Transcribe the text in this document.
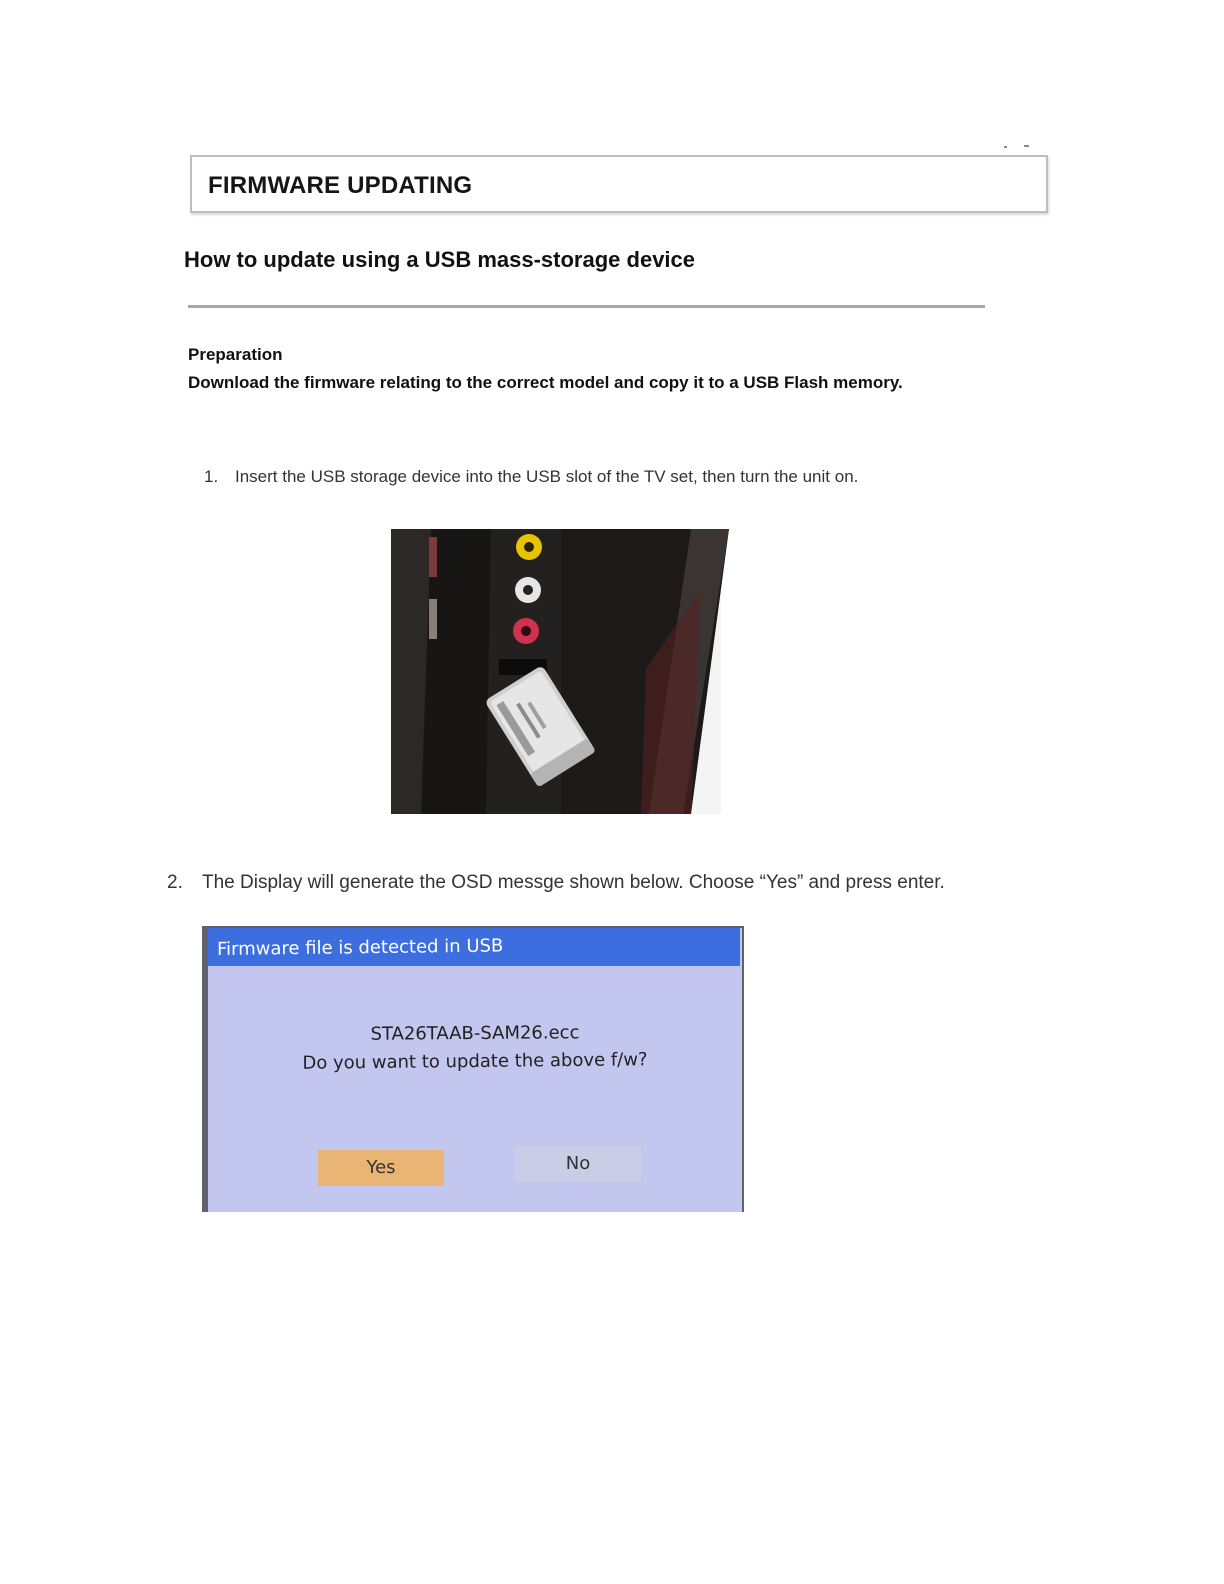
FIRMWARE UPDATING
How to update using a USB mass-storage device
Preparation
Download the firmware relating to the correct model and copy it to a USB Flash memory.
1. Insert the USB storage device into the USB slot of the TV set, then turn the unit on.
2. The Display will generate the OSD messge shown below. Choose “Yes” and press enter.
Firmware file is detected in USB
STA26TAAB-SAM26.ecc
Do you want to update the above f/w?
Yes	No
